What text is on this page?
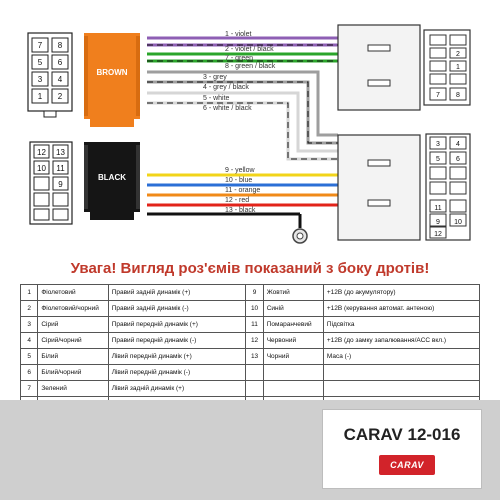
7 8
5 6
3 4
1 2
12 13
10 11
9
BROWN
BLACK
1 - violet
2 - violet / black
7 - green
8 - green / black
3 - grey
4 - grey / black
5 - white
6 - white / black
9 - yellow
10 - blue
11 - orange
12 - red
13 - black
2
1
7 8
3 4
5 6
11
9 10
12
Увага! Вигляд роз'ємів показаний з боку дротів!
1	Фіолетовий	Правий задній динамік (+)	9	Жовтий	+12В (до акумулятору)
2	Фіолетовий/чорний	Правий задній динамік (-)	10	Синій	+12В (керування автомат. антеною)
3	Сірий	Правий передній динамік (+)	11	Помаранчевий	Підсвітка
4	Сірий/чорний	Правий передній динамік (-)	12	Червоний	+12В (до замку запалювання/ACC вкл.)
5	Білий	Лівий передній динамік (+)	13	Чорний	Маса (-)
6	Білий/чорний	Лівий передній динамік (-)			
7	Зелений	Лівий задній динамік (+)			

CARAV 12-016
CARAV
